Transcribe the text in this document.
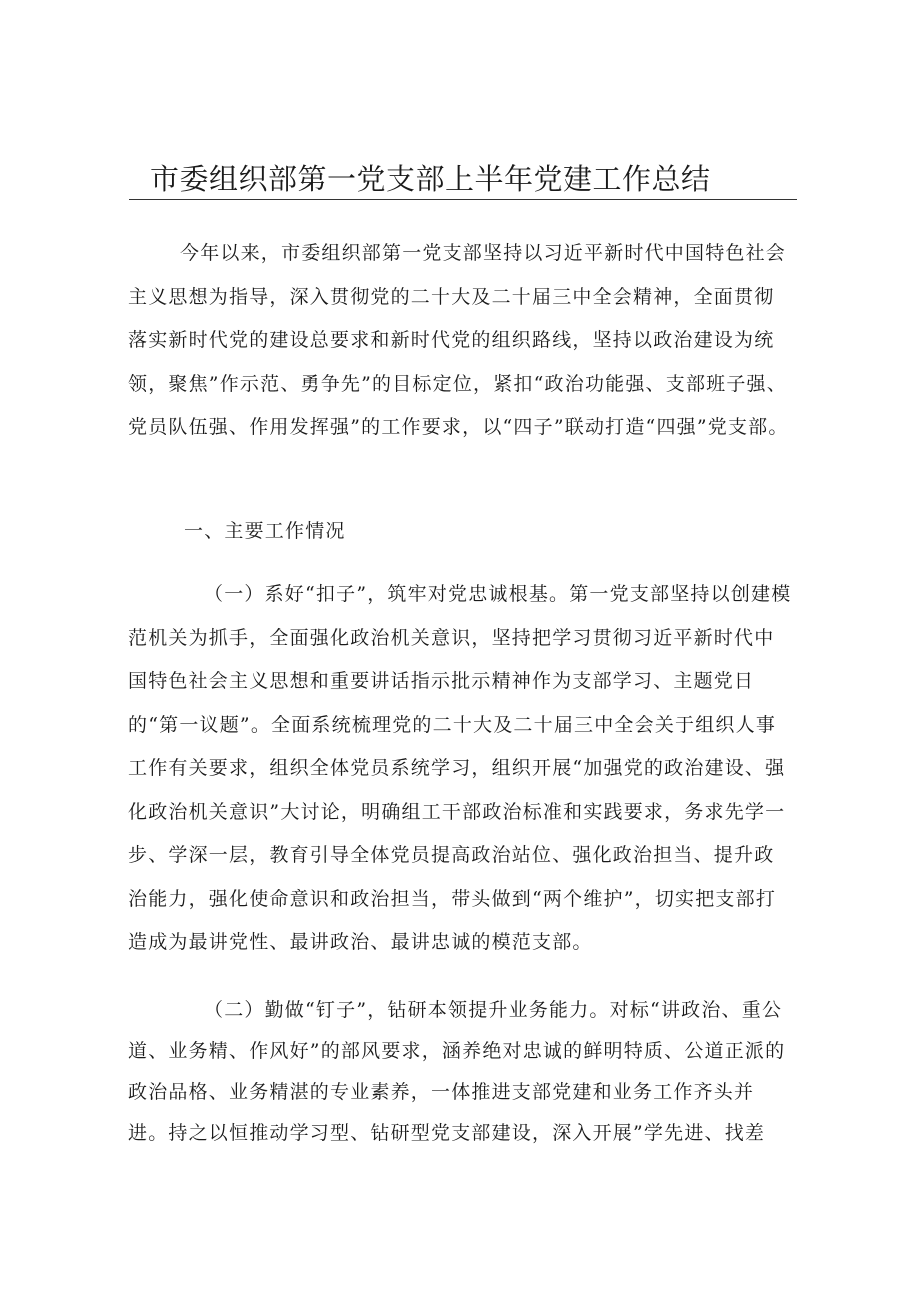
市委组织部第一党支部上半年党建工作总结

今年以来，市委组织部第一党支部坚持以习近平新时代中国特色社会主义思想为指导，深入贯彻党的二十大及二十届三中全会精神，全面贯彻落实新时代党的建设总要求和新时代党的组织路线，坚持以政治建设为统领，聚焦”作示范、勇争先”的目标定位，紧扣“政治功能强、支部班子强、党员队伍强、作用发挥强”的工作要求，以“四子”联动打造“四强”党支部。

一、主要工作情况

（一）系好“扣子”，筑牢对党忠诚根基。第一党支部坚持以创建模范机关为抓手，全面强化政治机关意识，坚持把学习贯彻习近平新时代中国特色社会主义思想和重要讲话指示批示精神作为支部学习、主题党日的“第一议题”。全面系统梳理党的二十大及二十届三中全会关于组织人事工作有关要求，组织全体党员系统学习，组织开展“加强党的政治建设、强化政治机关意识”大讨论，明确组工干部政治标准和实践要求，务求先学一步、学深一层，教育引导全体党员提高政治站位、强化政治担当、提升政治能力，强化使命意识和政治担当，带头做到“两个维护”，切实把支部打造成为最讲党性、最讲政治、最讲忠诚的模范支部。

（二）勤做“钉子”，钻研本领提升业务能力。对标“讲政治、重公道、业务精、作风好”的部风要求，涵养绝对忠诚的鲜明特质、公道正派的政治品格、业务精湛的专业素养，一体推进支部党建和业务工作齐头并进。持之以恒推动学习型、钻研型党支部建设，深入开展”学先进、找差
